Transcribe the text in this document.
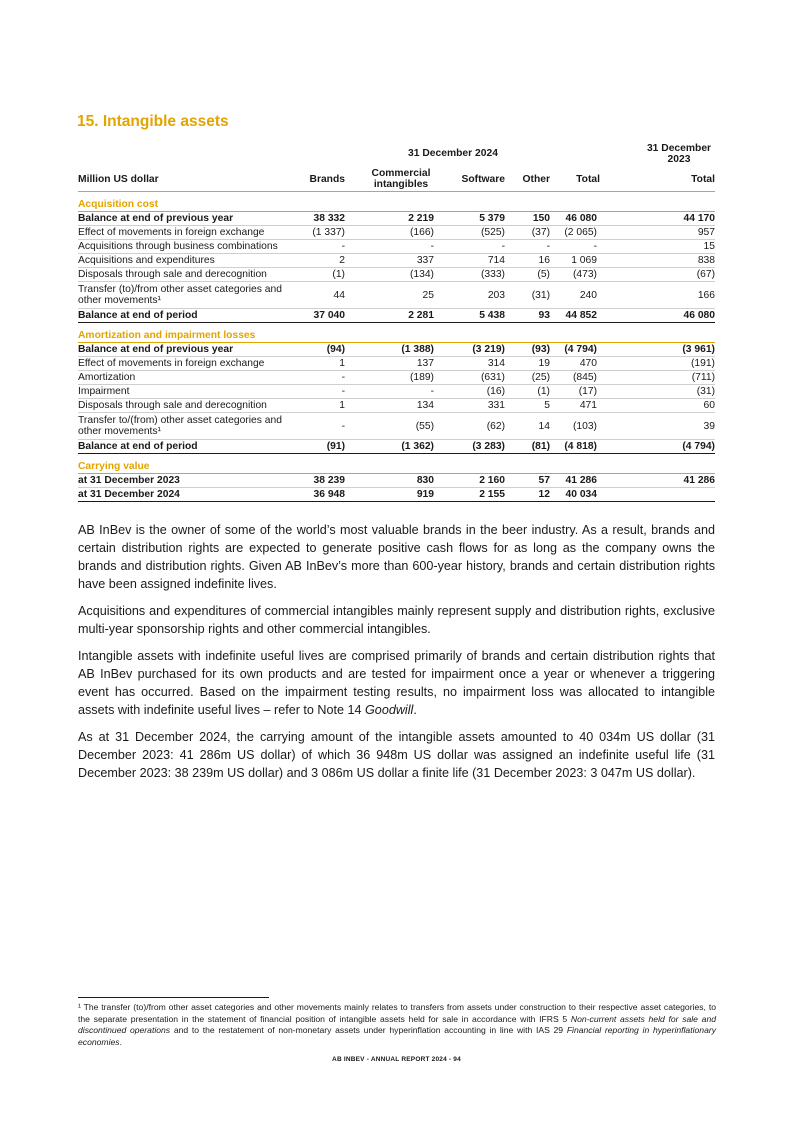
15. Intangible assets
	31 December 2024					31 December 2023
Million US dollar	Brands	Commercial intangibles	Software	Other	Total	Total

Acquisition cost						
Balance at end of previous year	38 332	2 219	5 379	150	46 080	44 170
Effect of movements in foreign exchange	(1 337)	(166)	(525)	(37)	(2 065)	957
Acquisitions through business combinations	-	-	-	-	-	15
Acquisitions and expenditures	2	337	714	16	1 069	838
Disposals through sale and derecognition	(1)	(134)	(333)	(5)	(473)	(67)
Transfer (to)/from other asset categories and other movements¹	44	25	203	(31)	240	166
Balance at end of period	37 040	2 281	5 438	93	44 852	46 080

Amortization and impairment losses						
Balance at end of previous year	(94)	(1 388)	(3 219)	(93)	(4 794)	(3 961)
Effect of movements in foreign exchange	1	137	314	19	470	(191)
Amortization	-	(189)	(631)	(25)	(845)	(711)
Impairment	-	-	(16)	(1)	(17)	(31)
Disposals through sale and derecognition	1	134	331	5	471	60
Transfer to/(from) other asset categories and other movements¹	-	(55)	(62)	14	(103)	39
Balance at end of period	(91)	(1 362)	(3 283)	(81)	(4 818)	(4 794)

Carrying value						
at 31 December 2023	38 239	830	2 160	57	41 286	41 286
at 31 December 2024	36 948	919	2 155	12	40 034	

AB InBev is the owner of some of the world’s most valuable brands in the beer industry. As a result, brands and certain distribution rights are expected to generate positive cash flows for as long as the company owns the brands and distribution rights. Given AB InBev’s more than 600-year history, brands and certain distribution rights have been assigned indefinite lives.

Acquisitions and expenditures of commercial intangibles mainly represent supply and distribution rights, exclusive multi-year sponsorship rights and other commercial intangibles.

Intangible assets with indefinite useful lives are comprised primarily of brands and certain distribution rights that AB InBev purchased for its own products and are tested for impairment once a year or whenever a triggering event has occurred. Based on the impairment testing results, no impairment loss was allocated to intangible assets with indefinite useful lives – refer to Note 14 Goodwill.

As at 31 December 2024, the carrying amount of the intangible assets amounted to 40 034m US dollar (31 December 2023: 41 286m US dollar) of which 36 948m US dollar was assigned an indefinite useful life (31 December 2023: 38 239m US dollar) and 3 086m US dollar a finite life (31 December 2023: 3 047m US dollar).

¹ The transfer (to)/from other asset categories and other movements mainly relates to transfers from assets under construction to their respective asset categories, to the separate presentation in the statement of financial position of intangible assets held for sale in accordance with IFRS 5 Non-current assets held for sale and discontinued operations and to the restatement of non-monetary assets under hyperinflation accounting in line with IAS 29 Financial reporting in hyperinflationary economies.
AB INBEV - ANNUAL REPORT 2024 - 94
